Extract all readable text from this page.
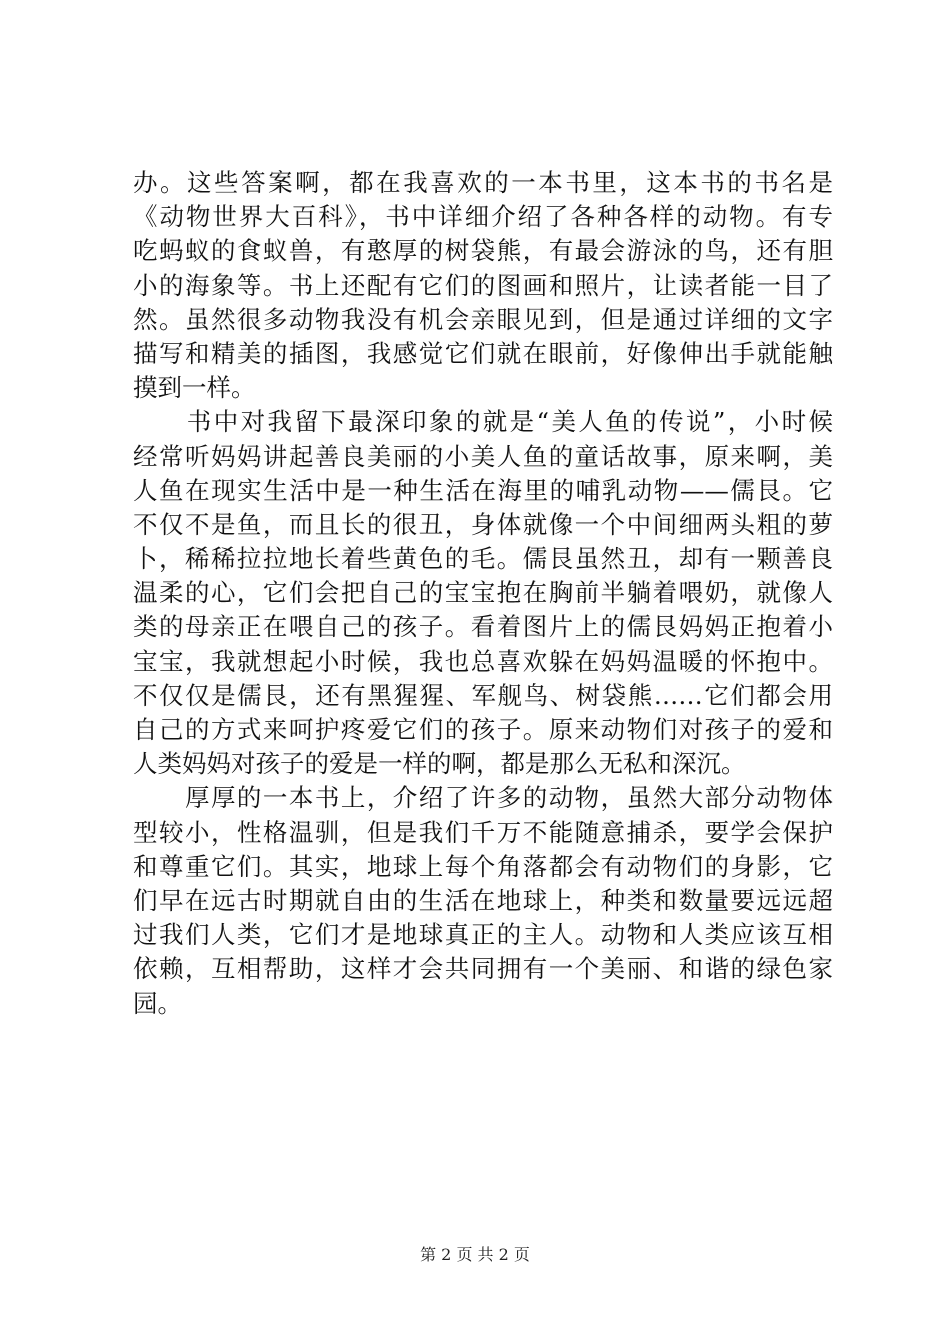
办。这些答案啊，都在我喜欢的一本书里，这本书的书名是
《动物世界大百科》，书中详细介绍了各种各样的动物。有专
吃蚂蚁的食蚁兽，有憨厚的树袋熊，有最会游泳的鸟，还有胆
小的海象等。书上还配有它们的图画和照片，让读者能一目了
然。虽然很多动物我没有机会亲眼见到，但是通过详细的文字
描写和精美的插图，我感觉它们就在眼前，好像伸出手就能触
摸到一样。
　　书中对我留下最深印象的就是“美人鱼的传说”，小时候
经常听妈妈讲起善良美丽的小美人鱼的童话故事，原来啊，美
人鱼在现实生活中是一种生活在海里的哺乳动物——儒艮。它
不仅不是鱼，而且长的很丑，身体就像一个中间细两头粗的萝
卜，稀稀拉拉地长着些黄色的毛。儒艮虽然丑，却有一颗善良
温柔的心，它们会把自己的宝宝抱在胸前半躺着喂奶，就像人
类的母亲正在喂自己的孩子。看着图片上的儒艮妈妈正抱着小
宝宝，我就想起小时候，我也总喜欢躲在妈妈温暖的怀抱中。
不仅仅是儒艮，还有黑猩猩、军舰鸟、树袋熊……它们都会用
自己的方式来呵护疼爱它们的孩子。原来动物们对孩子的爱和
人类妈妈对孩子的爱是一样的啊，都是那么无私和深沉。
　　厚厚的一本书上，介绍了许多的动物，虽然大部分动物体
型较小，性格温驯，但是我们千万不能随意捕杀，要学会保护
和尊重它们。其实，地球上每个角落都会有动物们的身影，它
们早在远古时期就自由的生活在地球上，种类和数量要远远超
过我们人类，它们才是地球真正的主人。动物和人类应该互相
依赖，互相帮助，这样才会共同拥有一个美丽、和谐的绿色家
园。
第 2 页 共 2 页
